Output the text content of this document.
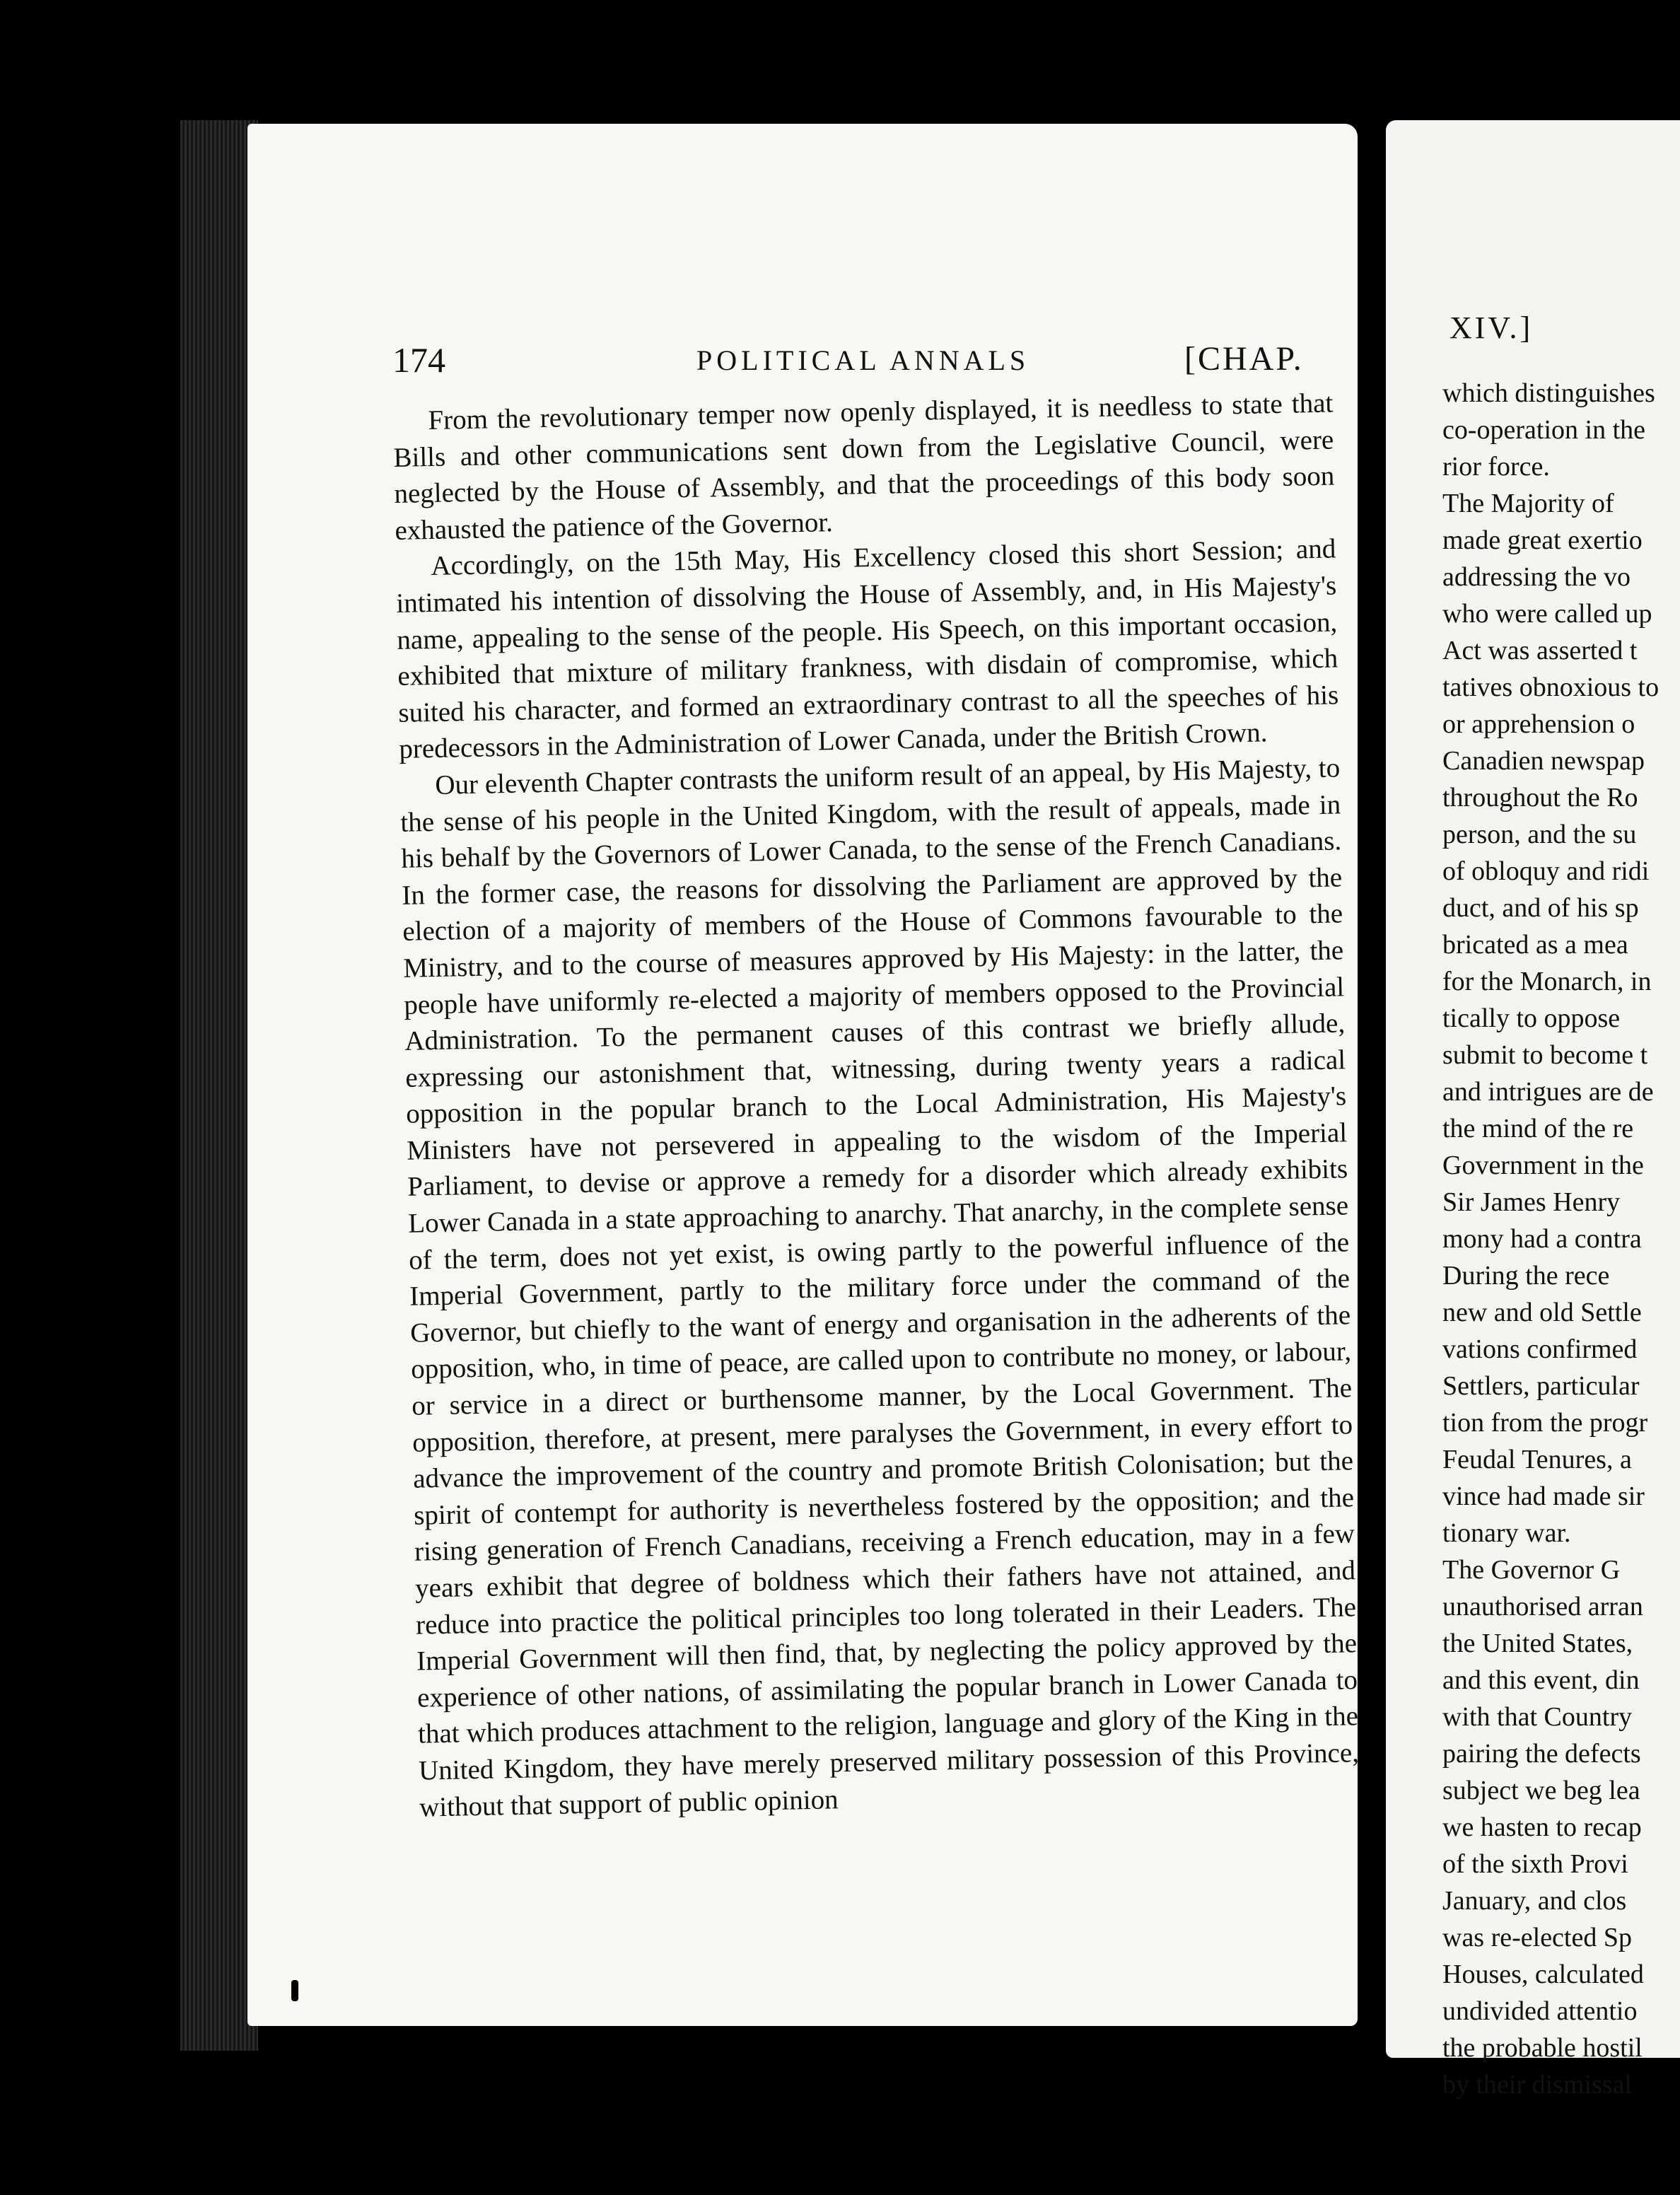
174	POLITICAL ANNALS	[CHAP.

From the revolutionary temper now openly displayed, it is needless to state that Bills and other communications sent down from the Legislative Council, were neglected by the House of Assembly, and that the proceedings of this body soon exhausted the patience of the Governor.

Accordingly, on the 15th May, His Excellency closed this short Session; and intimated his intention of dissolving the House of Assembly, and, in His Majesty's name, appealing to the sense of the people. His Speech, on this important occasion, exhibited that mixture of military frankness, with disdain of compromise, which suited his character, and formed an extraordinary contrast to all the speeches of his predecessors in the Administration of Lower Canada, under the British Crown.

Our eleventh Chapter contrasts the uniform result of an appeal, by His Majesty, to the sense of his people in the United Kingdom, with the result of appeals, made in his behalf by the Governors of Lower Canada, to the sense of the French Canadians. In the former case, the reasons for dissolving the Parliament are approved by the election of a majority of members of the House of Commons favourable to the Ministry, and to the course of measures approved by His Majesty: in the latter, the people have uniformly re-elected a majority of members opposed to the Provincial Administration. To the permanent causes of this contrast we briefly allude, expressing our astonishment that, witnessing, during twenty years a radical opposition in the popular branch to the Local Administration, His Majesty's Ministers have not persevered in appealing to the wisdom of the Imperial Parliament, to devise or approve a remedy for a disorder which already exhibits Lower Canada in a state approaching to anarchy. That anarchy, in the complete sense of the term, does not yet exist, is owing partly to the powerful influence of the Imperial Government, partly to the military force under the command of the Governor, but chiefly to the want of energy and organisation in the adherents of the opposition, who, in time of peace, are called upon to contribute no money, or labour, or service in a direct or burthensome manner, by the Local Government. The opposition, therefore, at present, mere paralyses the Government, in every effort to advance the improvement of the country and promote British Colonisation; but the spirit of contempt for authority is nevertheless fostered by the opposition; and the rising generation of French Canadians, receiving a French education, may in a few years exhibit that degree of boldness which their fathers have not attained, and reduce into practice the political principles too long tolerated in their Leaders. The Imperial Government will then find, that, by neglecting the policy approved by the experience of other nations, of assimilating the popular branch in Lower Canada to that which produces attachment to the religion, language and glory of the King in the United Kingdom, they have merely preserved military possession of this Province, without that support of public opinion

XIV.]
which distinguishes
co-operation in the
rior force.
The Majority of
made great exertio
addressing the vo
who were called up
Act was asserted t
tatives obnoxious to
or apprehension o
Canadien newspap
throughout the Ro
person, and the su
of obloquy and ridi
duct, and of his sp
bricated as a mea
for the Monarch, in
tically to oppose
submit to become t
and intrigues are de
the mind of the re
Government in the
Sir James Henry
mony had a contra
During the rece
new and old Settle
vations confirmed
Settlers, particular
tion from the progr
Feudal Tenures, a
vince had made sir
tionary war.
The Governor G
unauthorised arran
the United States,
and this event, din
with that Country
pairing the defects
subject we beg lea
we hasten to recap
of the sixth Provi
January, and clos
was re-elected Sp
Houses, calculated
undivided attentio
the probable hostil
by their dismissal
